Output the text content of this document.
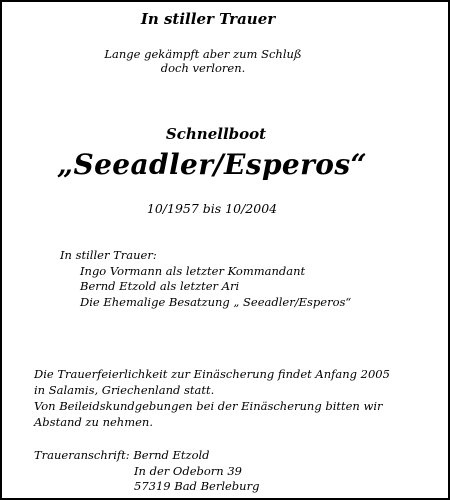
In stiller Trauer
Lange gekämpft aber zum Schluß
doch verloren.
Schnellboot
„Seeadler/Esperos“
10/1957 bis 10/2004
In stiller Trauer:
Ingo Vormann als letzter Kommandant
Bernd Etzold als letzter Ari
Die Ehemalige Besatzung „ Seeadler/Esperos“
Die Trauerfeierlichkeit zur Einäscherung findet Anfang 2005
in Salamis, Griechenland statt.
Von Beileidskundgebungen bei der Einäscherung bitten wir
Abstand zu nehmen.
Traueranschrift: Bernd Etzold
In der Odeborn 39
57319 Bad Berleburg
